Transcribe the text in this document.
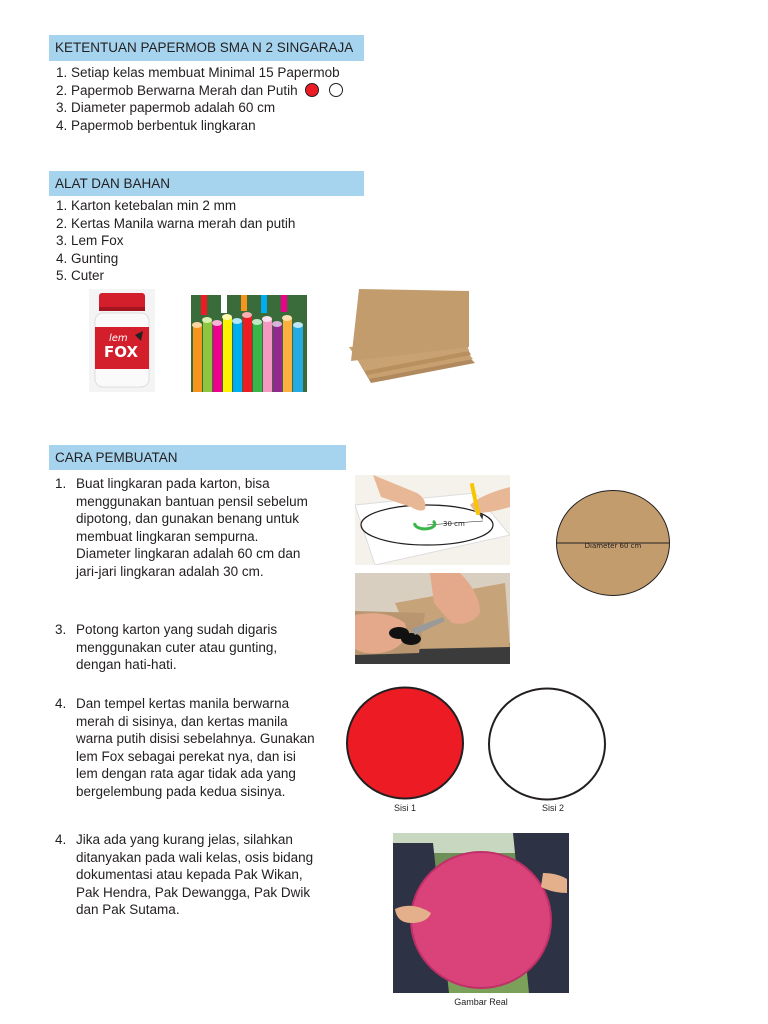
KETENTUAN PAPERMOB SMA N 2 SINGARAJA
1. Setiap kelas membuat Minimal 15 Papermob
2. Papermob Berwarna Merah dan Putih
3. Diameter papermob adalah 60 cm
4. Papermob berbentuk lingkaran
ALAT DAN BAHAN
1. Karton ketebalan min 2 mm
2. Kertas Manila warna merah dan putih
3. Lem Fox
4. Gunting
5. Cuter
lem
FOX
CARA PEMBUATAN
1. Buat lingkaran pada karton, bisa menggunakan bantuan pensil sebelum dipotong, dan gunakan benang untuk membuat lingkaran sempurna. Diameter lingkaran adalah 60 cm dan jari-jari lingkaran adalah 30 cm.
3. Potong karton yang sudah digaris menggunakan cuter atau gunting, dengan hati-hati.
4. Dan tempel kertas manila berwarna merah di sisinya, dan kertas manila warna putih disisi sebelahnya. Gunakan lem Fox sebagai perekat nya, dan isi lem dengan rata agar tidak ada yang bergelembung pada kedua sisinya.
4. Jika ada yang kurang jelas, silahkan ditanyakan pada wali kelas, osis bidang dokumentasi atau kepada Pak Wikan, Pak Hendra, Pak Dewangga, Pak Dwik dan Pak Sutama.
30 cm
Diameter 60 cm
Sisi 1	Sisi 2
Gambar Real
